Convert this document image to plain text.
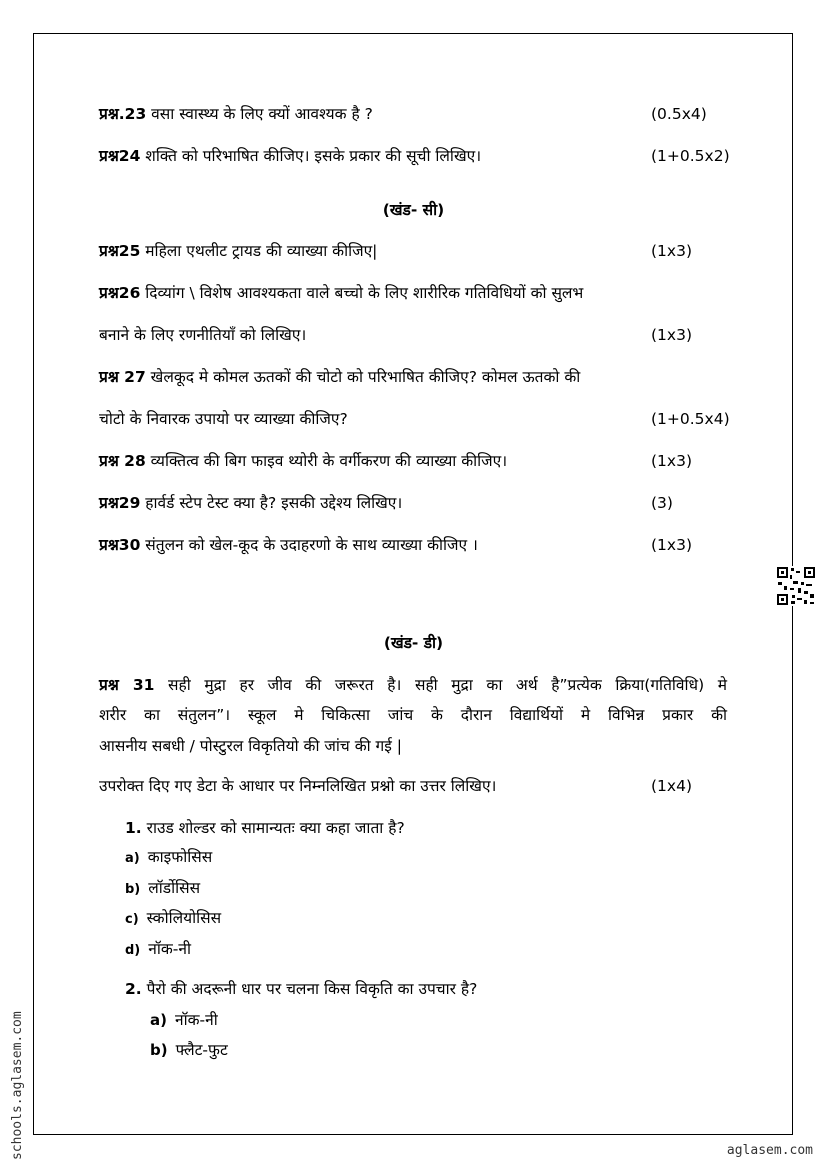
प्रश्न.23 वसा स्वास्थ्य के लिए क्यों आवश्यक है ?	(0.5x4)
प्रश्न24 शक्ति को परिभाषित कीजिए। इसके प्रकार की सूची लिखिए।	(1+0.5x2)
(खंड- सी)
प्रश्न25 महिला एथलीट ट्रायड की व्याख्या कीजिए|	(1x3)
प्रश्न26 दिव्यांग \ विशेष आवश्यकता वाले बच्चो के लिए शारीरिक गतिविधियों को सुलभ
बनाने के लिए रणनीतियाँ को लिखिए।	(1x3)
प्रश्न 27 खेलकूद मे कोमल ऊतकों की चोटो को परिभाषित कीजिए? कोमल ऊतको की
चोटो के निवारक उपायो पर व्याख्या कीजिए?	(1+0.5x4)
प्रश्न 28 व्यक्तित्व की बिग फाइव थ्योरी के वर्गीकरण की व्याख्या कीजिए।	(1x3)
प्रश्न29 हार्वर्ड स्टेप टेस्ट क्या है? इसकी उद्देश्य लिखिए।	(3)
प्रश्न30 संतुलन को खेल-कूद के उदाहरणो के साथ व्याख्या कीजिए ।	(1x3)
(खंड- डी)
प्रश्न 31 सही मुद्रा हर जीव की जरूरत है। सही मुद्रा का अर्थ है”प्रत्येक क्रिया(गतिविधि) मे
शरीर का संतुलन”। स्कूल मे चिकित्सा जांच के दौरान विद्यार्थियों मे विभिन्न प्रकार की
आसनीय सबधी / पोस्टुरल विकृतियो की जांच की गई |
उपरोक्त दिए गए डेटा के आधार पर निम्नलिखित प्रश्नो का उत्तर लिखिए।	(1x4)
1. राउड शोल्डर को सामान्यतः क्या कहा जाता है?
a) काइफोसिस
b) लॉर्डोसिस
c) स्कोलियोसिस
d) नॉक-नी
2. पैरो की अदरूनी धार पर चलना किस विकृति का उपचार है?
a) नॉक-नी
b) फ्लैट-फुट
schools.aglasem.com	aglasem.com
